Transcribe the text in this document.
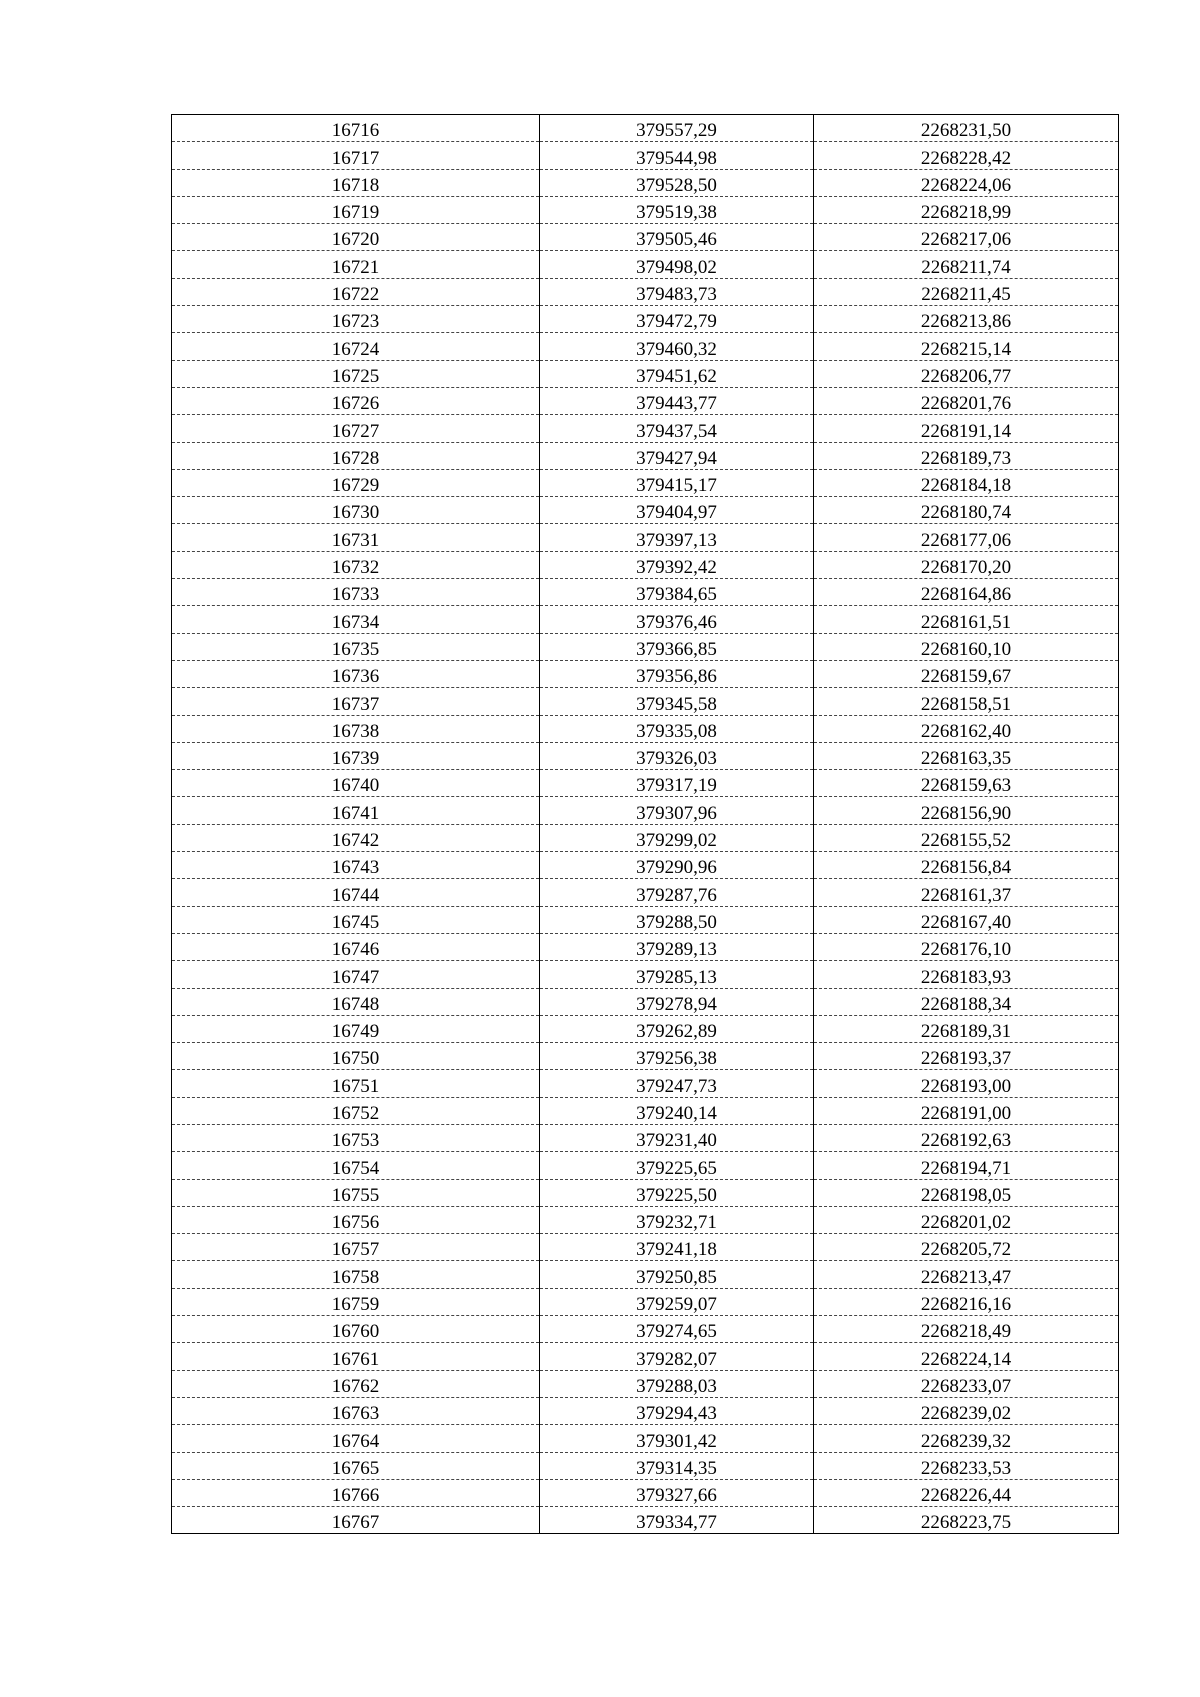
16716	379557,29	2268231,50
16717	379544,98	2268228,42
16718	379528,50	2268224,06
16719	379519,38	2268218,99
16720	379505,46	2268217,06
16721	379498,02	2268211,74
16722	379483,73	2268211,45
16723	379472,79	2268213,86
16724	379460,32	2268215,14
16725	379451,62	2268206,77
16726	379443,77	2268201,76
16727	379437,54	2268191,14
16728	379427,94	2268189,73
16729	379415,17	2268184,18
16730	379404,97	2268180,74
16731	379397,13	2268177,06
16732	379392,42	2268170,20
16733	379384,65	2268164,86
16734	379376,46	2268161,51
16735	379366,85	2268160,10
16736	379356,86	2268159,67
16737	379345,58	2268158,51
16738	379335,08	2268162,40
16739	379326,03	2268163,35
16740	379317,19	2268159,63
16741	379307,96	2268156,90
16742	379299,02	2268155,52
16743	379290,96	2268156,84
16744	379287,76	2268161,37
16745	379288,50	2268167,40
16746	379289,13	2268176,10
16747	379285,13	2268183,93
16748	379278,94	2268188,34
16749	379262,89	2268189,31
16750	379256,38	2268193,37
16751	379247,73	2268193,00
16752	379240,14	2268191,00
16753	379231,40	2268192,63
16754	379225,65	2268194,71
16755	379225,50	2268198,05
16756	379232,71	2268201,02
16757	379241,18	2268205,72
16758	379250,85	2268213,47
16759	379259,07	2268216,16
16760	379274,65	2268218,49
16761	379282,07	2268224,14
16762	379288,03	2268233,07
16763	379294,43	2268239,02
16764	379301,42	2268239,32
16765	379314,35	2268233,53
16766	379327,66	2268226,44
16767	379334,77	2268223,75
